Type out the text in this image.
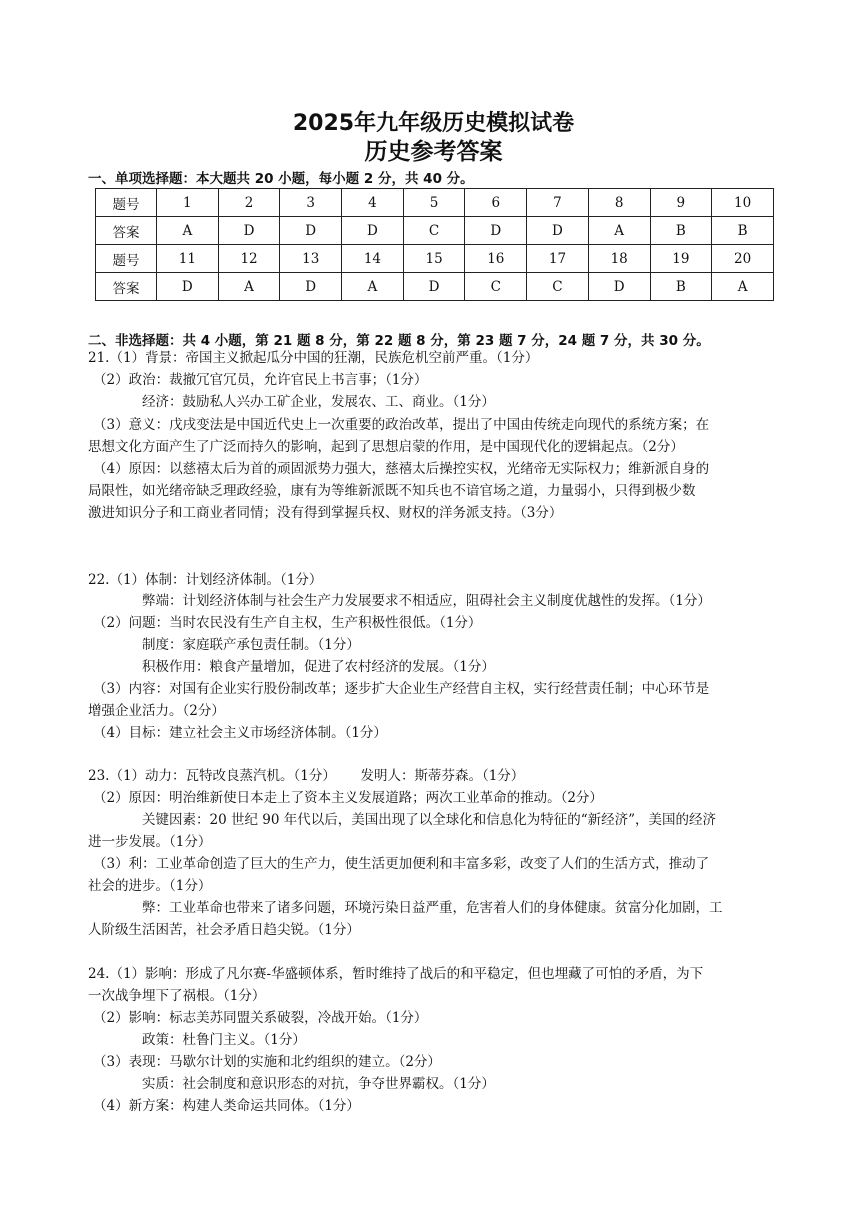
2025年九年级历史模拟试卷
历史参考答案
一、单项选择题：本大题共 20 小题，每小题 2 分，共 40 分。
题号	1	2	3	4	5	6	7	8	9	10
答案	A	D	D	D	C	D	D	A	B	B
题号	11	12	13	14	15	16	17	18	19	20
答案	D	A	D	A	D	C	C	D	B	A
二、非选择题：共 4 小题，第 21 题 8 分，第 22 题 8 分，第 23 题 7 分，24 题 7 分，共 30 分。
21.（1）背景：帝国主义掀起瓜分中国的狂潮，民族危机空前严重。（1分）
（2）政治：裁撤冗官冗员，允许官民上书言事；（1分）
经济：鼓励私人兴办工矿企业，发展农、工、商业。（1分）
（3）意义：戊戌变法是中国近代史上一次重要的政治改革，提出了中国由传统走向现代的系统方案；在
思想文化方面产生了广泛而持久的影响，起到了思想启蒙的作用，是中国现代化的逻辑起点。（2分）
（4）原因：以慈禧太后为首的顽固派势力强大，慈禧太后操控实权，光绪帝无实际权力；维新派自身的
局限性，如光绪帝缺乏理政经验，康有为等维新派既不知兵也不谙官场之道，力量弱小，只得到极少数
激进知识分子和工商业者同情；没有得到掌握兵权、财权的洋务派支持。（3分）
22.（1）体制：计划经济体制。（1分）
弊端：计划经济体制与社会生产力发展要求不相适应，阻碍社会主义制度优越性的发挥。（1分）
（2）问题：当时农民没有生产自主权，生产积极性很低。（1分）
制度：家庭联产承包责任制。（1分）
积极作用：粮食产量增加，促进了农村经济的发展。（1分）
（3）内容：对国有企业实行股份制改革；逐步扩大企业生产经营自主权，实行经营责任制；中心环节是
增强企业活力。（2分）
（4）目标：建立社会主义市场经济体制。（1分）
23.（1）动力：瓦特改良蒸汽机。（1分）　　 发明人：斯蒂芬森。（1分）
（2）原因：明治维新使日本走上了资本主义发展道路；两次工业革命的推动。（2分）
关键因素：20 世纪 90 年代以后，美国出现了以全球化和信息化为特征的“新经济”，美国的经济
进一步发展。（1分）
（3）利：工业革命创造了巨大的生产力，使生活更加便利和丰富多彩，改变了人们的生活方式，推动了
社会的进步。（1分）
弊：工业革命也带来了诸多问题，环境污染日益严重，危害着人们的身体健康。贫富分化加剧，工
人阶级生活困苦，社会矛盾日趋尖锐。（1分）
24.（1）影响：形成了凡尔赛-华盛顿体系，暂时维持了战后的和平稳定，但也埋藏了可怕的矛盾，为下
一次战争埋下了祸根。（1分）
（2）影响：标志美苏同盟关系破裂，冷战开始。（1分）
政策：杜鲁门主义。（1分）
（3）表现：马歇尔计划的实施和北约组织的建立。（2分）
实质：社会制度和意识形态的对抗，争夺世界霸权。（1分）
（4）新方案：构建人类命运共同体。（1分）
